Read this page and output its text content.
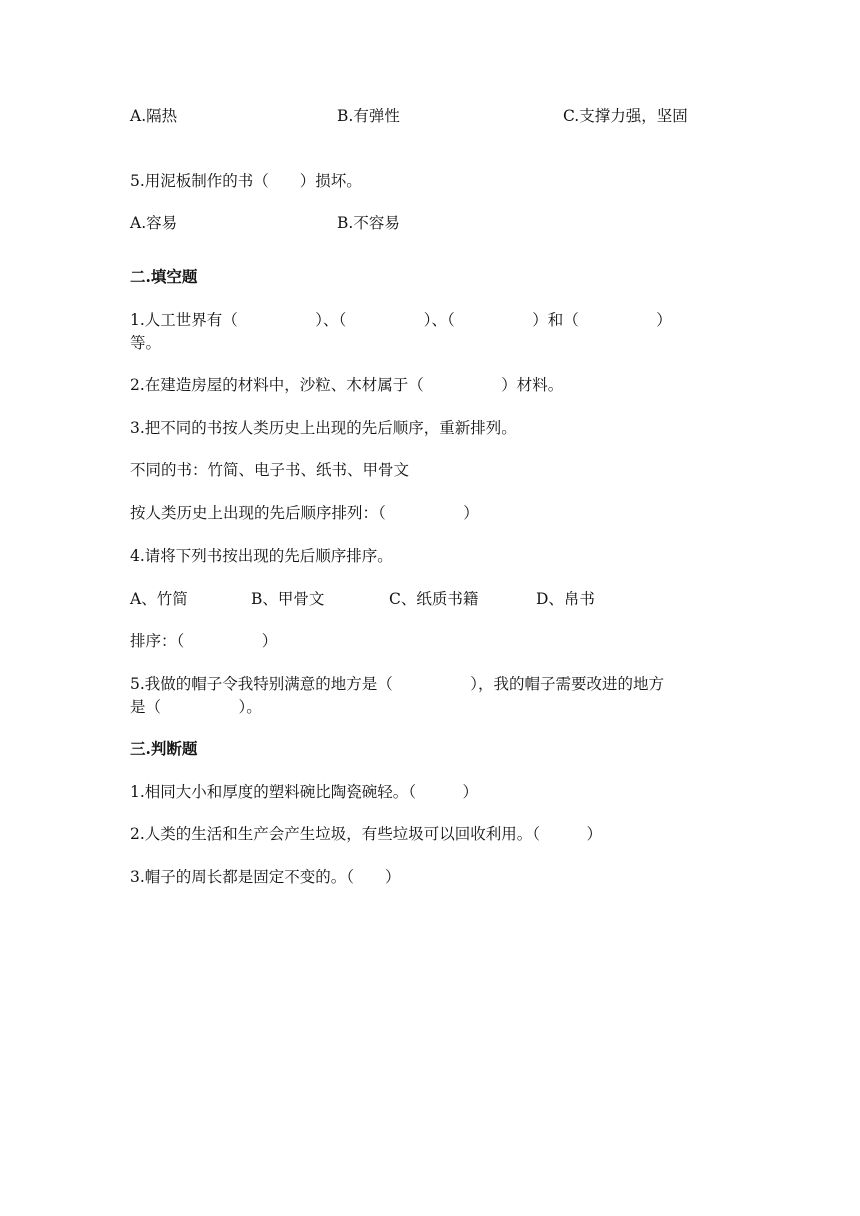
A.隔热	B.有弹性	C.支撑力强，坚固
5.用泥板制作的书（　　）损坏。
A.容易	B.不容易
二.填空题
1.人工世界有（　　　　　）、（　　　　　）、（　　　　　）和（　　　　　）
等。
2.在建造房屋的材料中，沙粒、木材属于（　　　　　）材料。
3.把不同的书按人类历史上出现的先后顺序，重新排列。
不同的书：竹简、电子书、纸书、甲骨文
按人类历史上出现的先后顺序排列：（　　　　　）
4.请将下列书按出现的先后顺序排序。
A、竹简	B、甲骨文	C、纸质书籍	D、帛书
排序：（　　　　　）
5.我做的帽子令我特别满意的地方是（　　　　　），我的帽子需要改进的地方
是（　　　　　）。
三.判断题
1.相同大小和厚度的塑料碗比陶瓷碗轻。（　　　）
2.人类的生活和生产会产生垃圾，有些垃圾可以回收利用。（　　　）
3.帽子的周长都是固定不变的。（　　）
